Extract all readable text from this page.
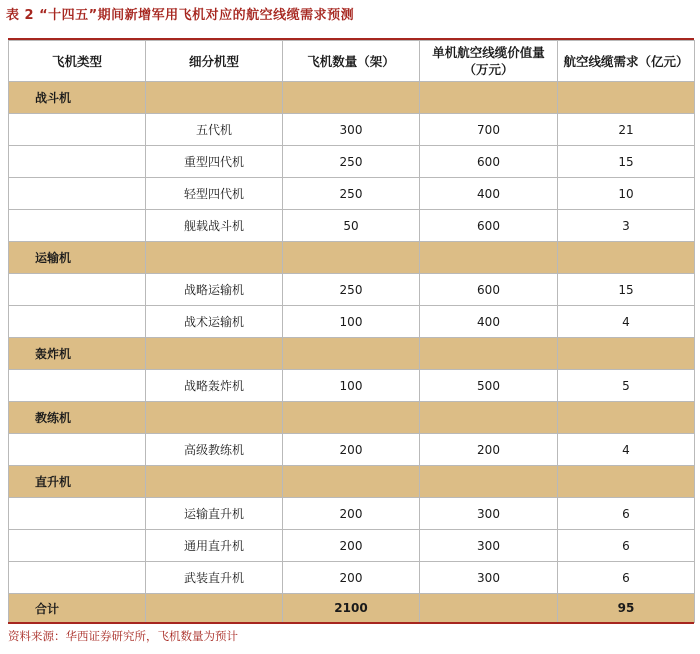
表 2 “十四五”期间新增军用飞机对应的航空线缆需求预测
飞机类型	细分机型	飞机数量（架）	单机航空线缆价值量（万元）	航空线缆需求（亿元）
战斗机				
	五代机	300	700	21
	重型四代机	250	600	15
	轻型四代机	250	400	10
	舰载战斗机	50	600	3
运输机				
	战略运输机	250	600	15
	战术运输机	100	400	4
轰炸机				
	战略轰炸机	100	500	5
教练机				
	高级教练机	200	200	4
直升机				
	运输直升机	200	300	6
	通用直升机	200	300	6
	武装直升机	200	300	6
合计		2100		95
资料来源：华西证券研究所，飞机数量为预计
